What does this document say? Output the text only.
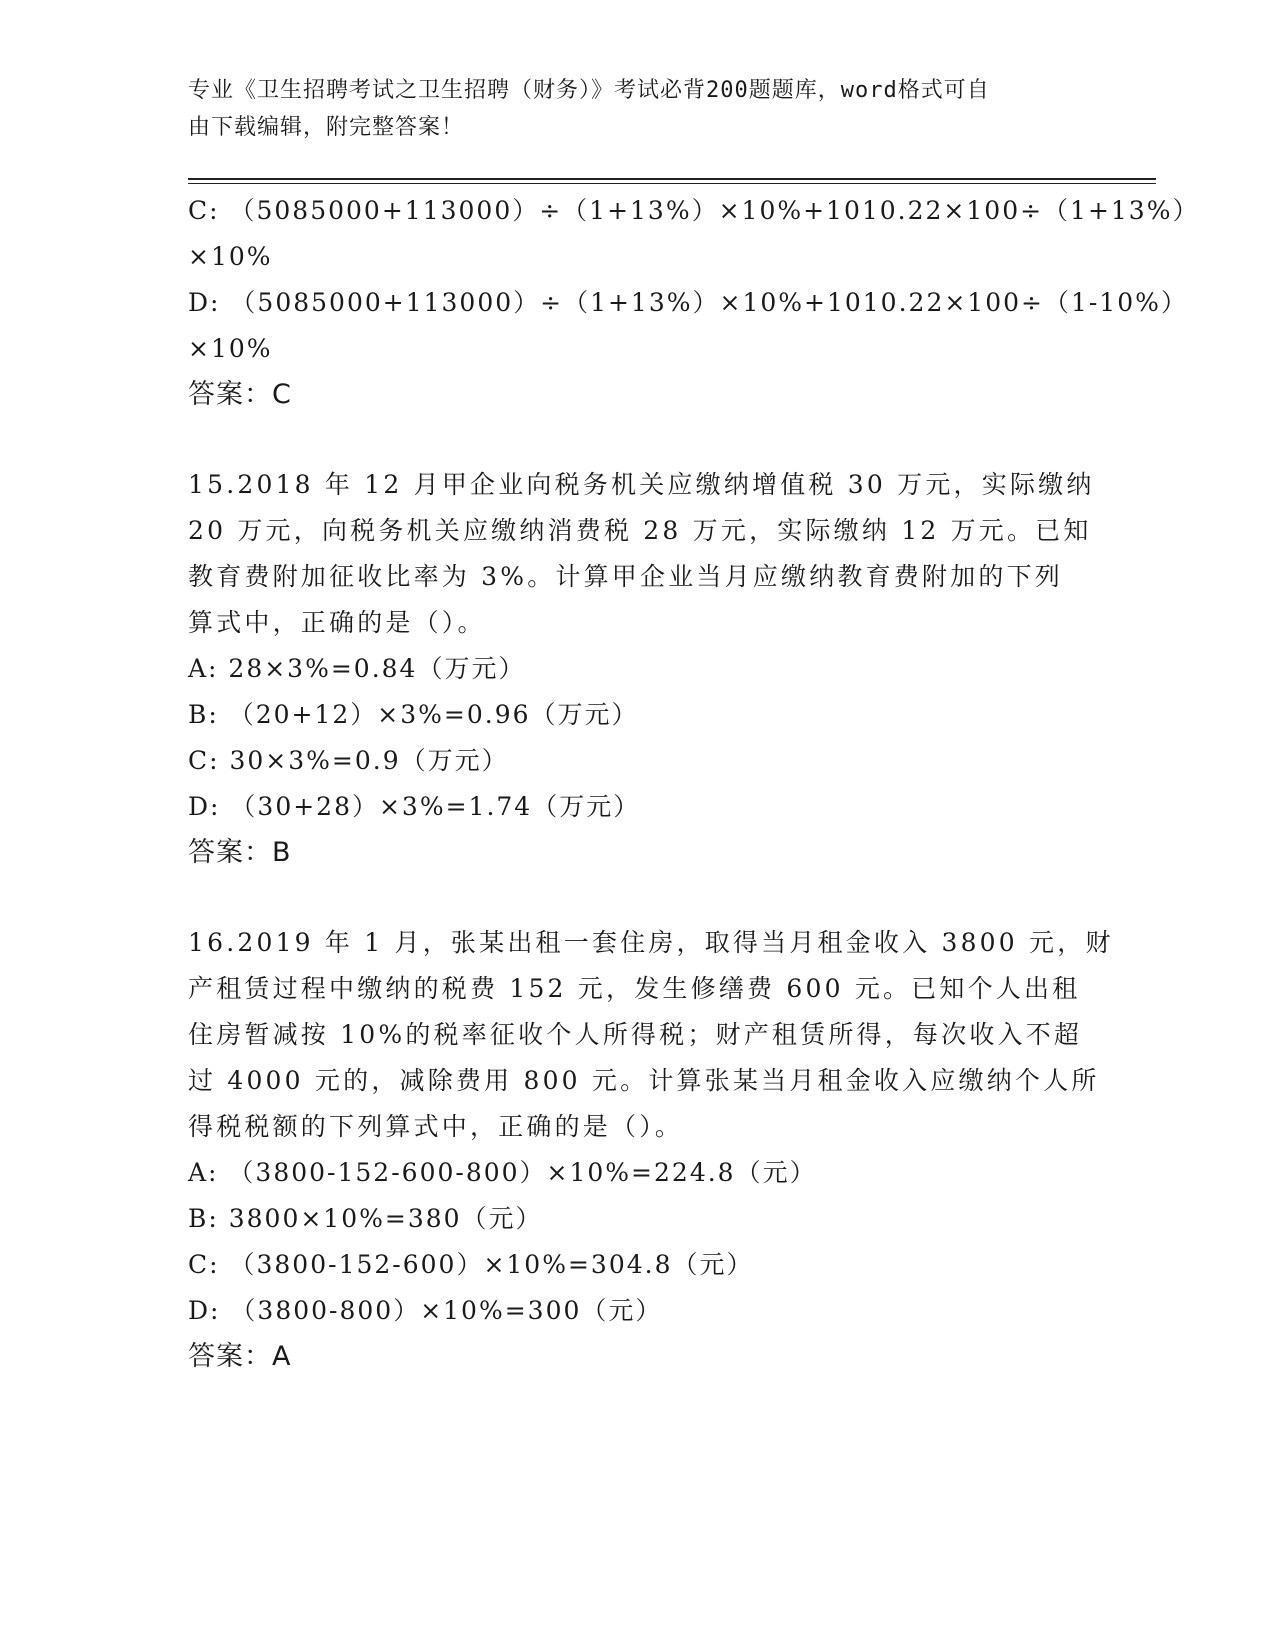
专业《卫生招聘考试之卫生招聘（财务）》考试必背200题题库，word格式可自
由下载编辑，附完整答案！
C: （5085000+113000）÷（1+13%）×10%+1010.22×100÷（1+13%）
×10%
D: （5085000+113000）÷（1+13%）×10%+1010.22×100÷（1-10%）
×10%
答案：C
15.2018 年 12 月甲企业向税务机关应缴纳增值税 30 万元，实际缴纳
20 万元，向税务机关应缴纳消费税 28 万元，实际缴纳 12 万元。已知
教育费附加征收比率为 3%。计算甲企业当月应缴纳教育费附加的下列
算式中，正确的是（）。
A: 28×3%=0.84（万元）
B: （20+12）×3%=0.96（万元）
C: 30×3%=0.9（万元）
D: （30+28）×3%=1.74（万元）
答案：B
16.2019 年 1 月，张某出租一套住房，取得当月租金收入 3800 元，财
产租赁过程中缴纳的税费 152 元，发生修缮费 600 元。已知个人出租
住房暂减按 10%的税率征收个人所得税；财产租赁所得，每次收入不超
过 4000 元的，减除费用 800 元。计算张某当月租金收入应缴纳个人所
得税税额的下列算式中，正确的是（）。
A: （3800-152-600-800）×10%=224.8（元）
B: 3800×10%=380（元）
C: （3800-152-600）×10%=304.8（元）
D: （3800-800）×10%=300（元）
答案：A
